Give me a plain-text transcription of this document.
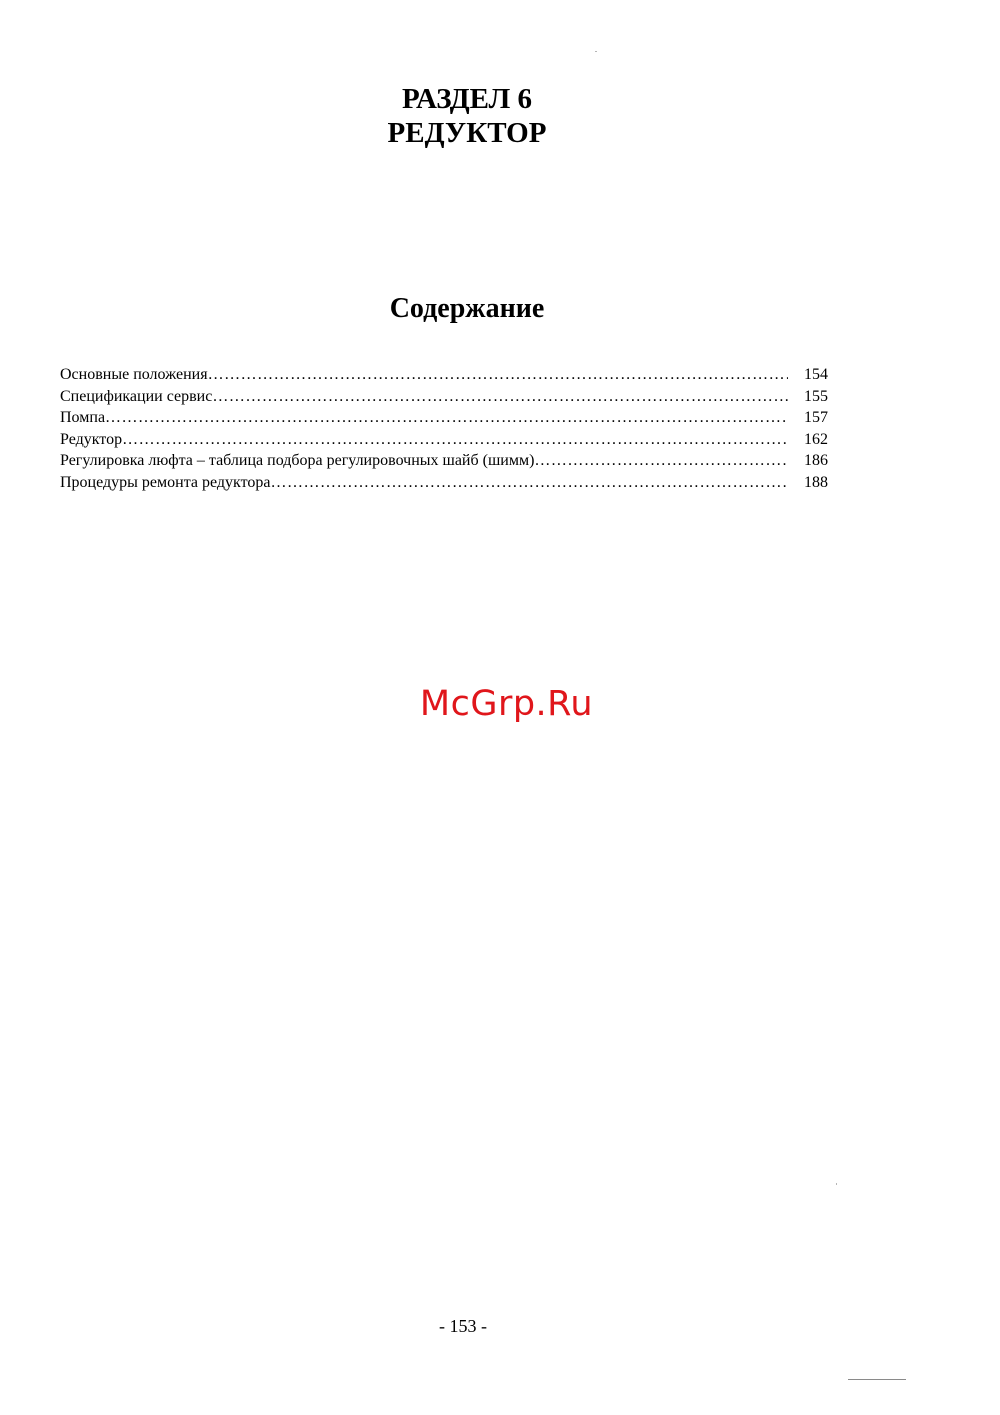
РАЗДЕЛ 6
РЕДУКТОР
Содержание
Основные положения …………………………………………………………………………………………………………………………………………………………………………………………………	154
Спецификации сервис …………………………………………………………………………………………………………………………………………………………………………………………………	155
Помпа …………………………………………………………………………………………………………………………………………………………………………………………………	157
Редуктор …………………………………………………………………………………………………………………………………………………………………………………………………	162
Регулировка люфта – таблица подбора регулировочных шайб (шимм) …………………………………………………………………………………………………………………………………………………………………………………………………	186
Процедуры ремонта редуктора …………………………………………………………………………………………………………………………………………………………………………………………………	188
McGrp.Ru
- 153 -
